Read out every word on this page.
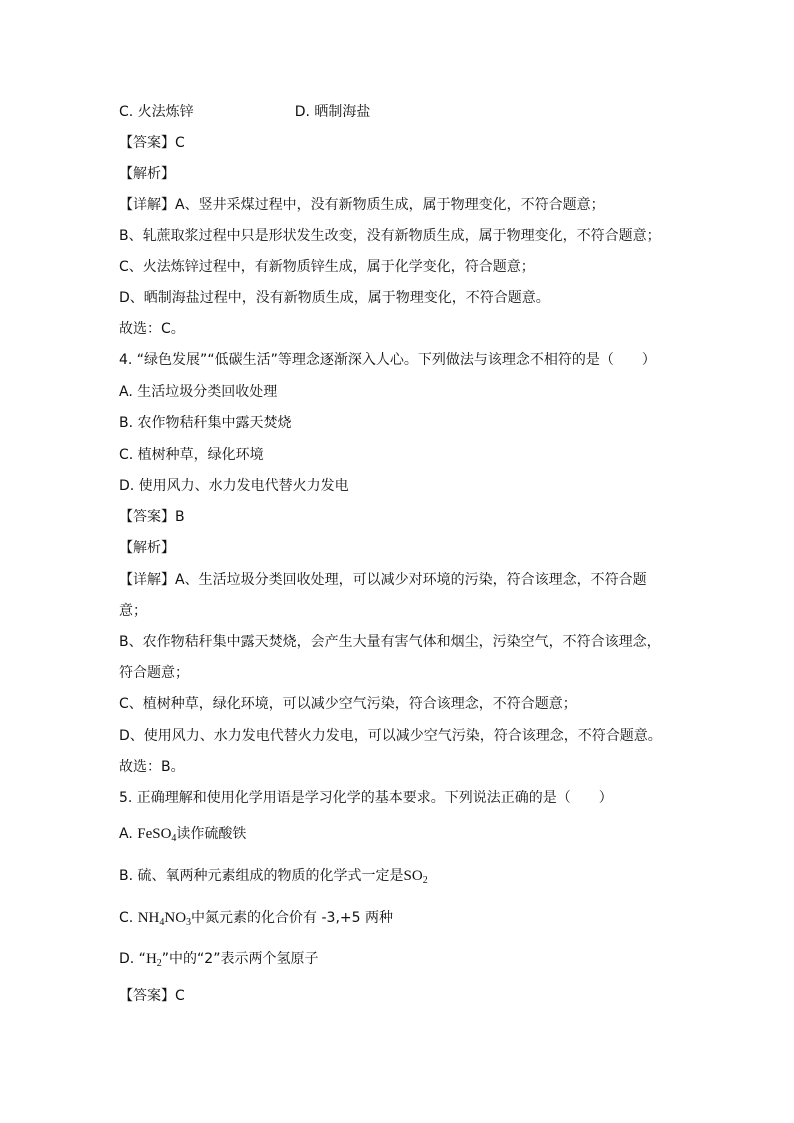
C. 火法炼锌	D. 晒制海盐
【答案】C
【解析】
【详解】A、竖井采煤过程中，没有新物质生成，属于物理变化，不符合题意；
B、轧蔗取浆过程中只是形状发生改变，没有新物质生成，属于物理变化，不符合题意；
C、火法炼锌过程中，有新物质锌生成，属于化学变化，符合题意；
D、晒制海盐过程中，没有新物质生成，属于物理变化，不符合题意。
故选：C。
4. “绿色发展”“低碳生活”等理念逐渐深入人心。下列做法与该理念不相符的是（　　）
A. 生活垃圾分类回收处理
B. 农作物秸秆集中露天焚烧
C. 植树种草，绿化环境
D. 使用风力、水力发电代替火力发电
【答案】B
【解析】
【详解】A、生活垃圾分类回收处理，可以减少对环境的污染，符合该理念，不符合题
意；
B、农作物秸秆集中露天焚烧，会产生大量有害气体和烟尘，污染空气，不符合该理念，
符合题意；
C、植树种草，绿化环境，可以减少空气污染，符合该理念，不符合题意；
D、使用风力、水力发电代替火力发电，可以减少空气污染，符合该理念，不符合题意。
故选：B。
5. 正确理解和使用化学用语是学习化学的基本要求。下列说法正确的是（　　）
A. FeSO$_4$读作硫酸铁
B. 硫、氧两种元素组成的物质的化学式一定是$SO_2$
C. $NH_4NO_3$中氮元素的化合价有 -3,+5 两种
D. “$H_2$”中的“2”表示两个氢原子
【答案】C
